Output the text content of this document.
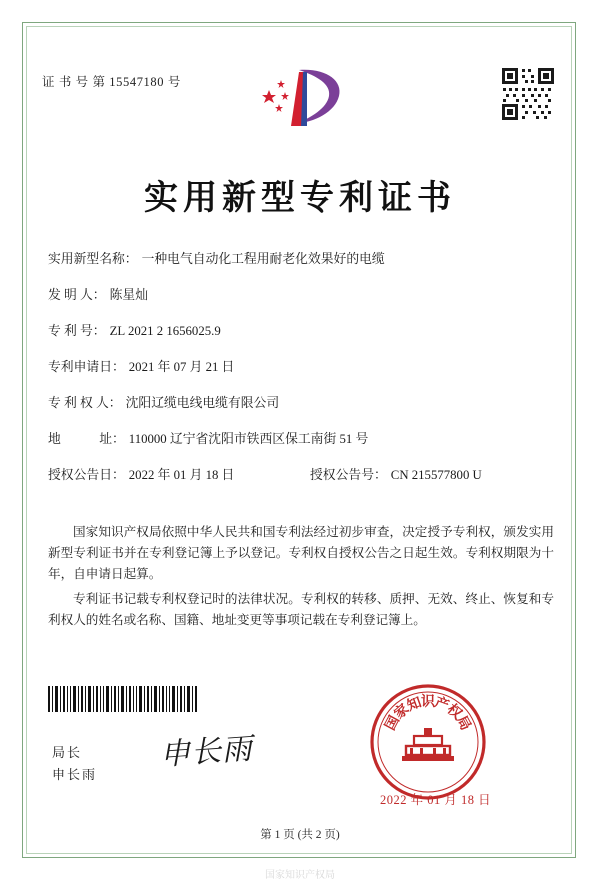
证 书 号 第 15547180 号
实用新型专利证书
实用新型名称： 一种电气自动化工程用耐老化效果好的电缆
发 明 人： 陈星灿
专 利 号： ZL 2021 2 1656025.9
专利申请日： 2021 年 07 月 21 日
专 利 权 人： 沈阳辽缆电线电缆有限公司
地　　　址： 110000 辽宁省沈阳市铁西区保工南街 51 号
授权公告日： 2022 年 01 月 18 日	授权公告号： CN 215577800 U

国家知识产权局依照中华人民共和国专利法经过初步审查，决定授予专利权，颁发实用新型专利证书并在专利登记簿上予以登记。专利权自授权公告之日起生效。专利权期限为十年，自申请日起算。

专利证书记载专利权登记时的法律状况。专利权的转移、质押、无效、终止、恢复和专利权人的姓名或名称、国籍、地址变更等事项记载在专利登记簿上。

局长
申长雨
申长雨
国
家
知
识
产
权
局
2022 年 01 月 18 日
第 1 页 (共 2 页)
国家知识产权局
